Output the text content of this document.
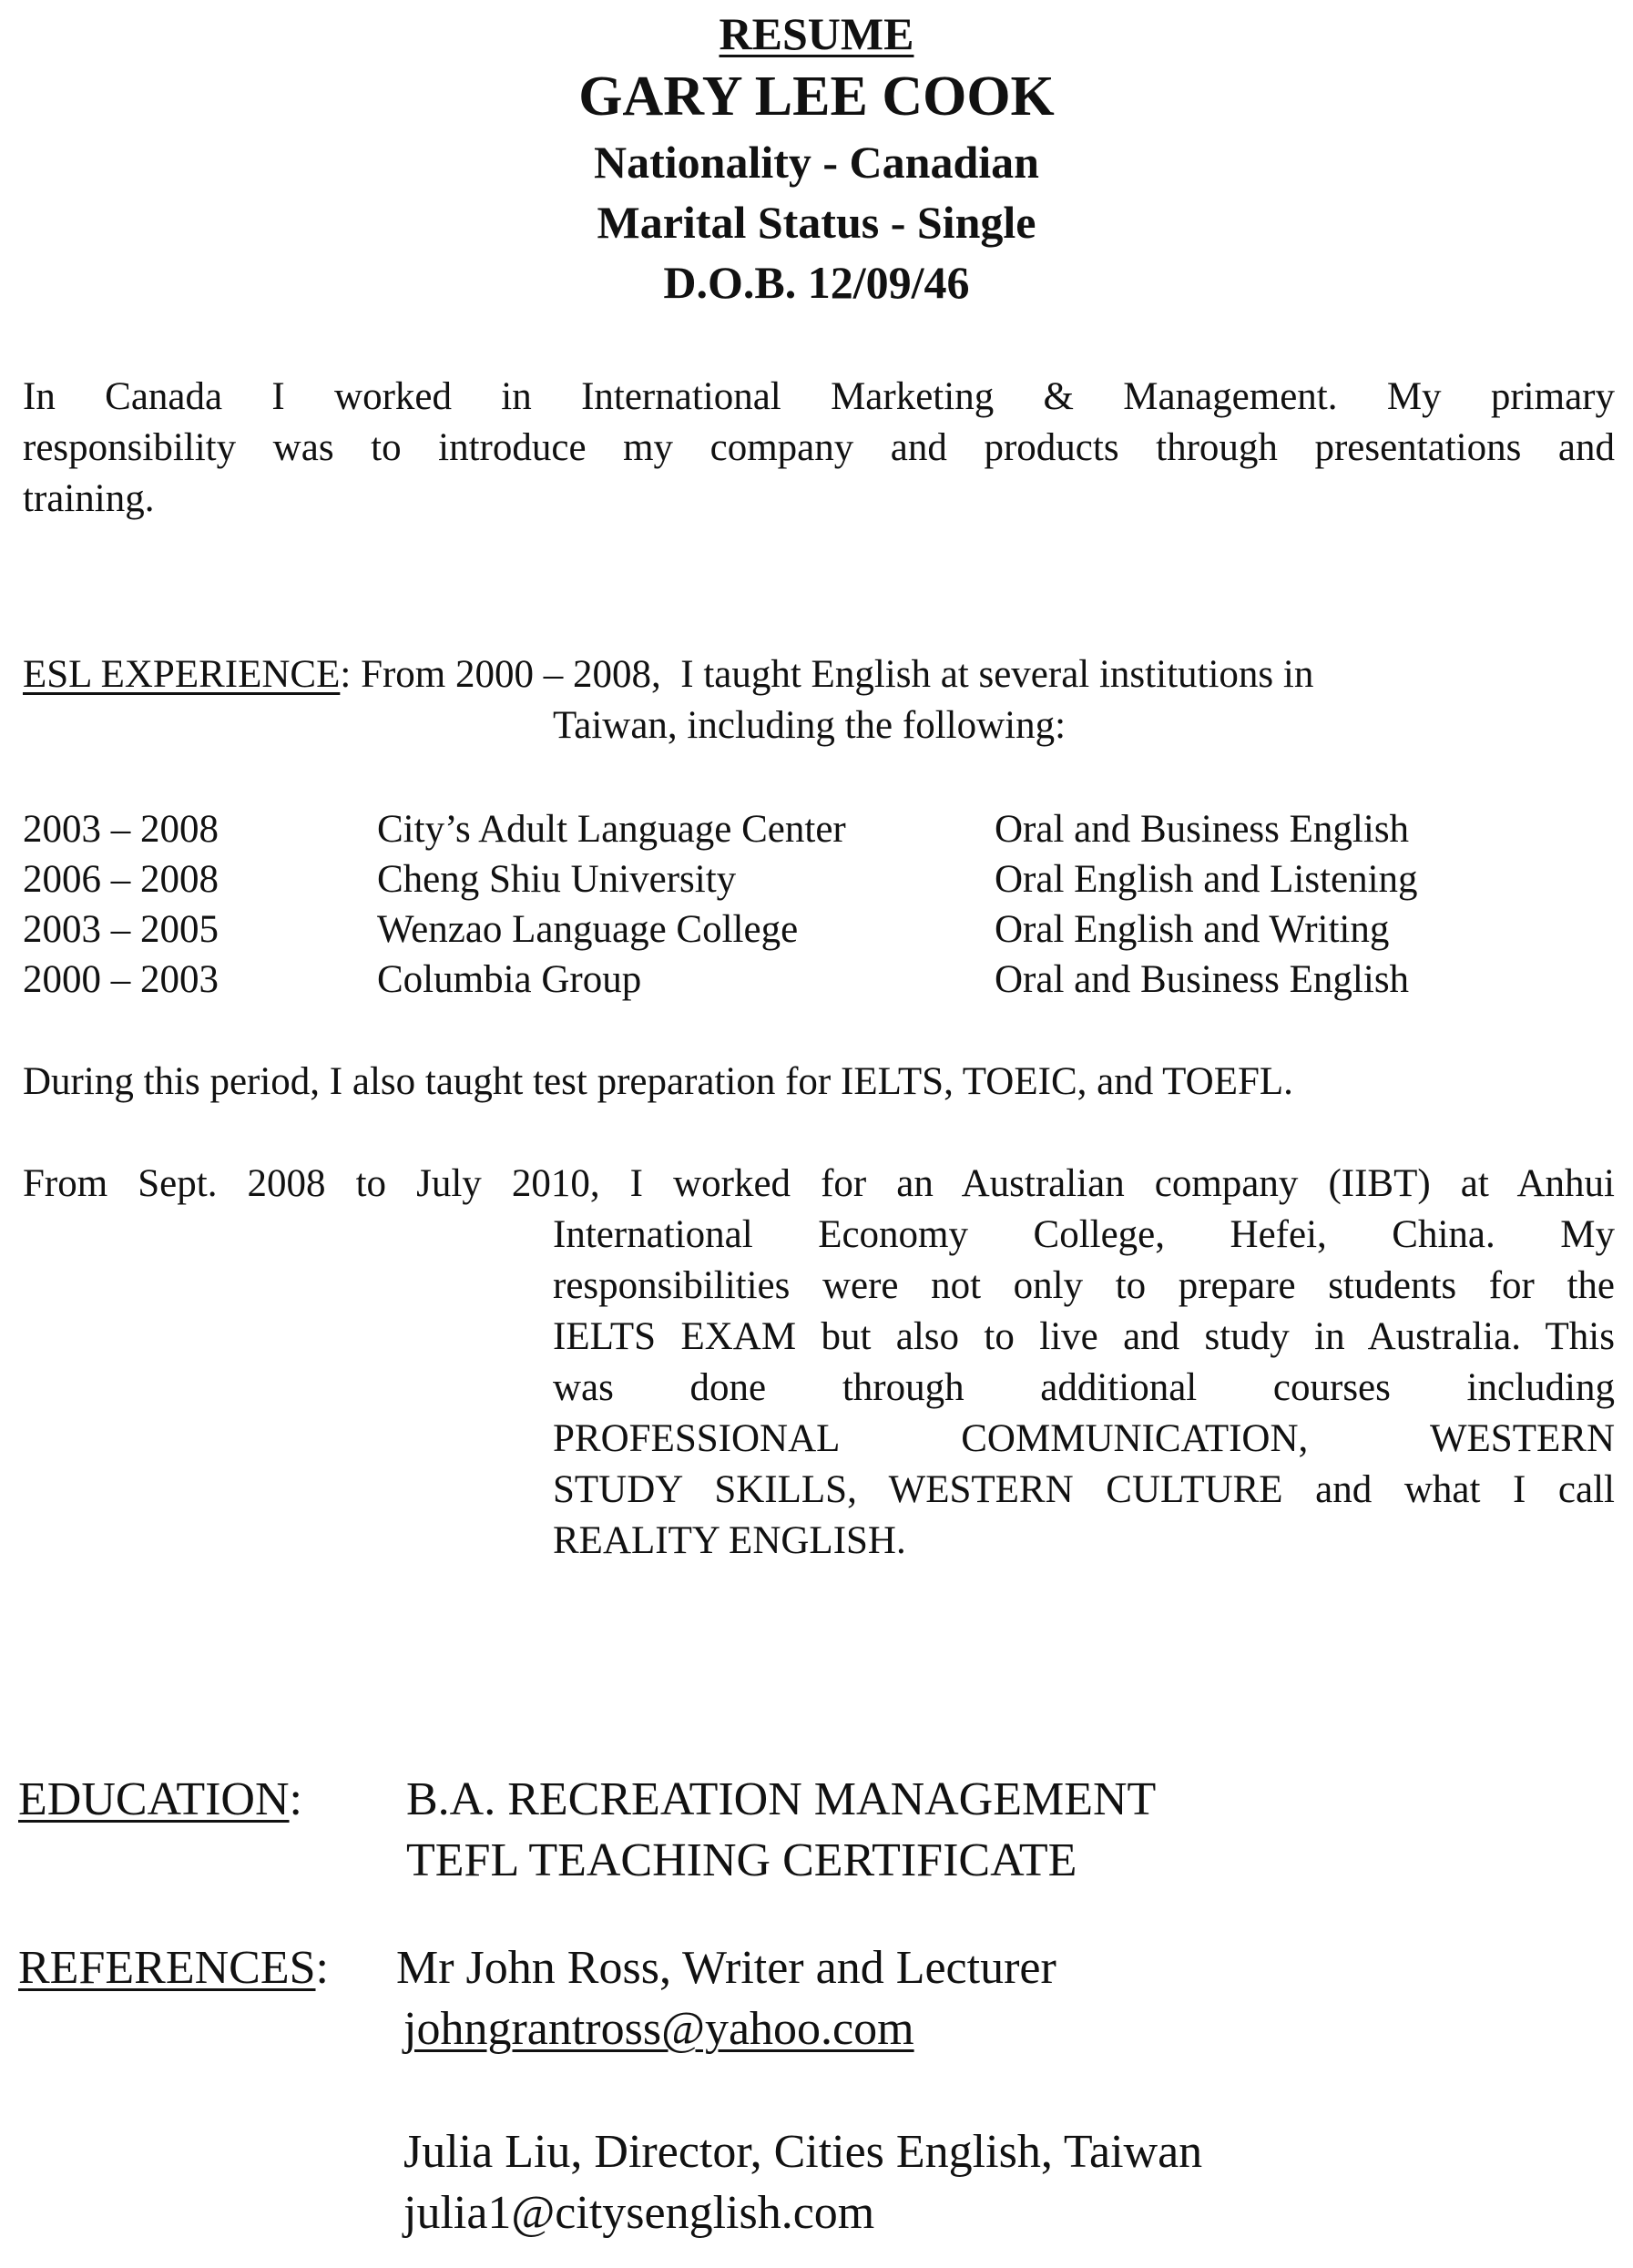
RESUME
GARY LEE COOK
Nationality - Canadian
Marital Status - Single
D.O.B. 12/09/46
In Canada I worked in International Marketing & Management. My primary
responsibility was to introduce my company and products through presentations and
training.
ESL EXPERIENCE: From 2000 – 2008,  I taught English at several institutions in
Taiwan, including the following:
2003 – 2008	City’s Adult Language Center	Oral and Business English
2006 – 2008	Cheng Shiu University	Oral English and Listening
2003 – 2005	Wenzao Language College	Oral English and Writing
2000 – 2003	Columbia Group	Oral and Business English
During this period, I also taught test preparation for IELTS, TOEIC, and TOEFL.
From Sept. 2008 to July 2010, I worked for an Australian company (IIBT) at Anhui
International Economy College, Hefei, China. My
responsibilities were not only to prepare students for the
IELTS EXAM but also to live and study in Australia. This
was done through additional courses including
PROFESSIONAL COMMUNICATION, WESTERN
STUDY SKILLS, WESTERN CULTURE and what I call
REALITY ENGLISH.
EDUCATION: B.A. RECREATION MANAGEMENT
TEFL TEACHING CERTIFICATE
REFERENCES: Mr John Ross, Writer and Lecturer
johngrantross@yahoo.com
Julia Liu, Director, Cities English, Taiwan
julia1@citysenglish.com
